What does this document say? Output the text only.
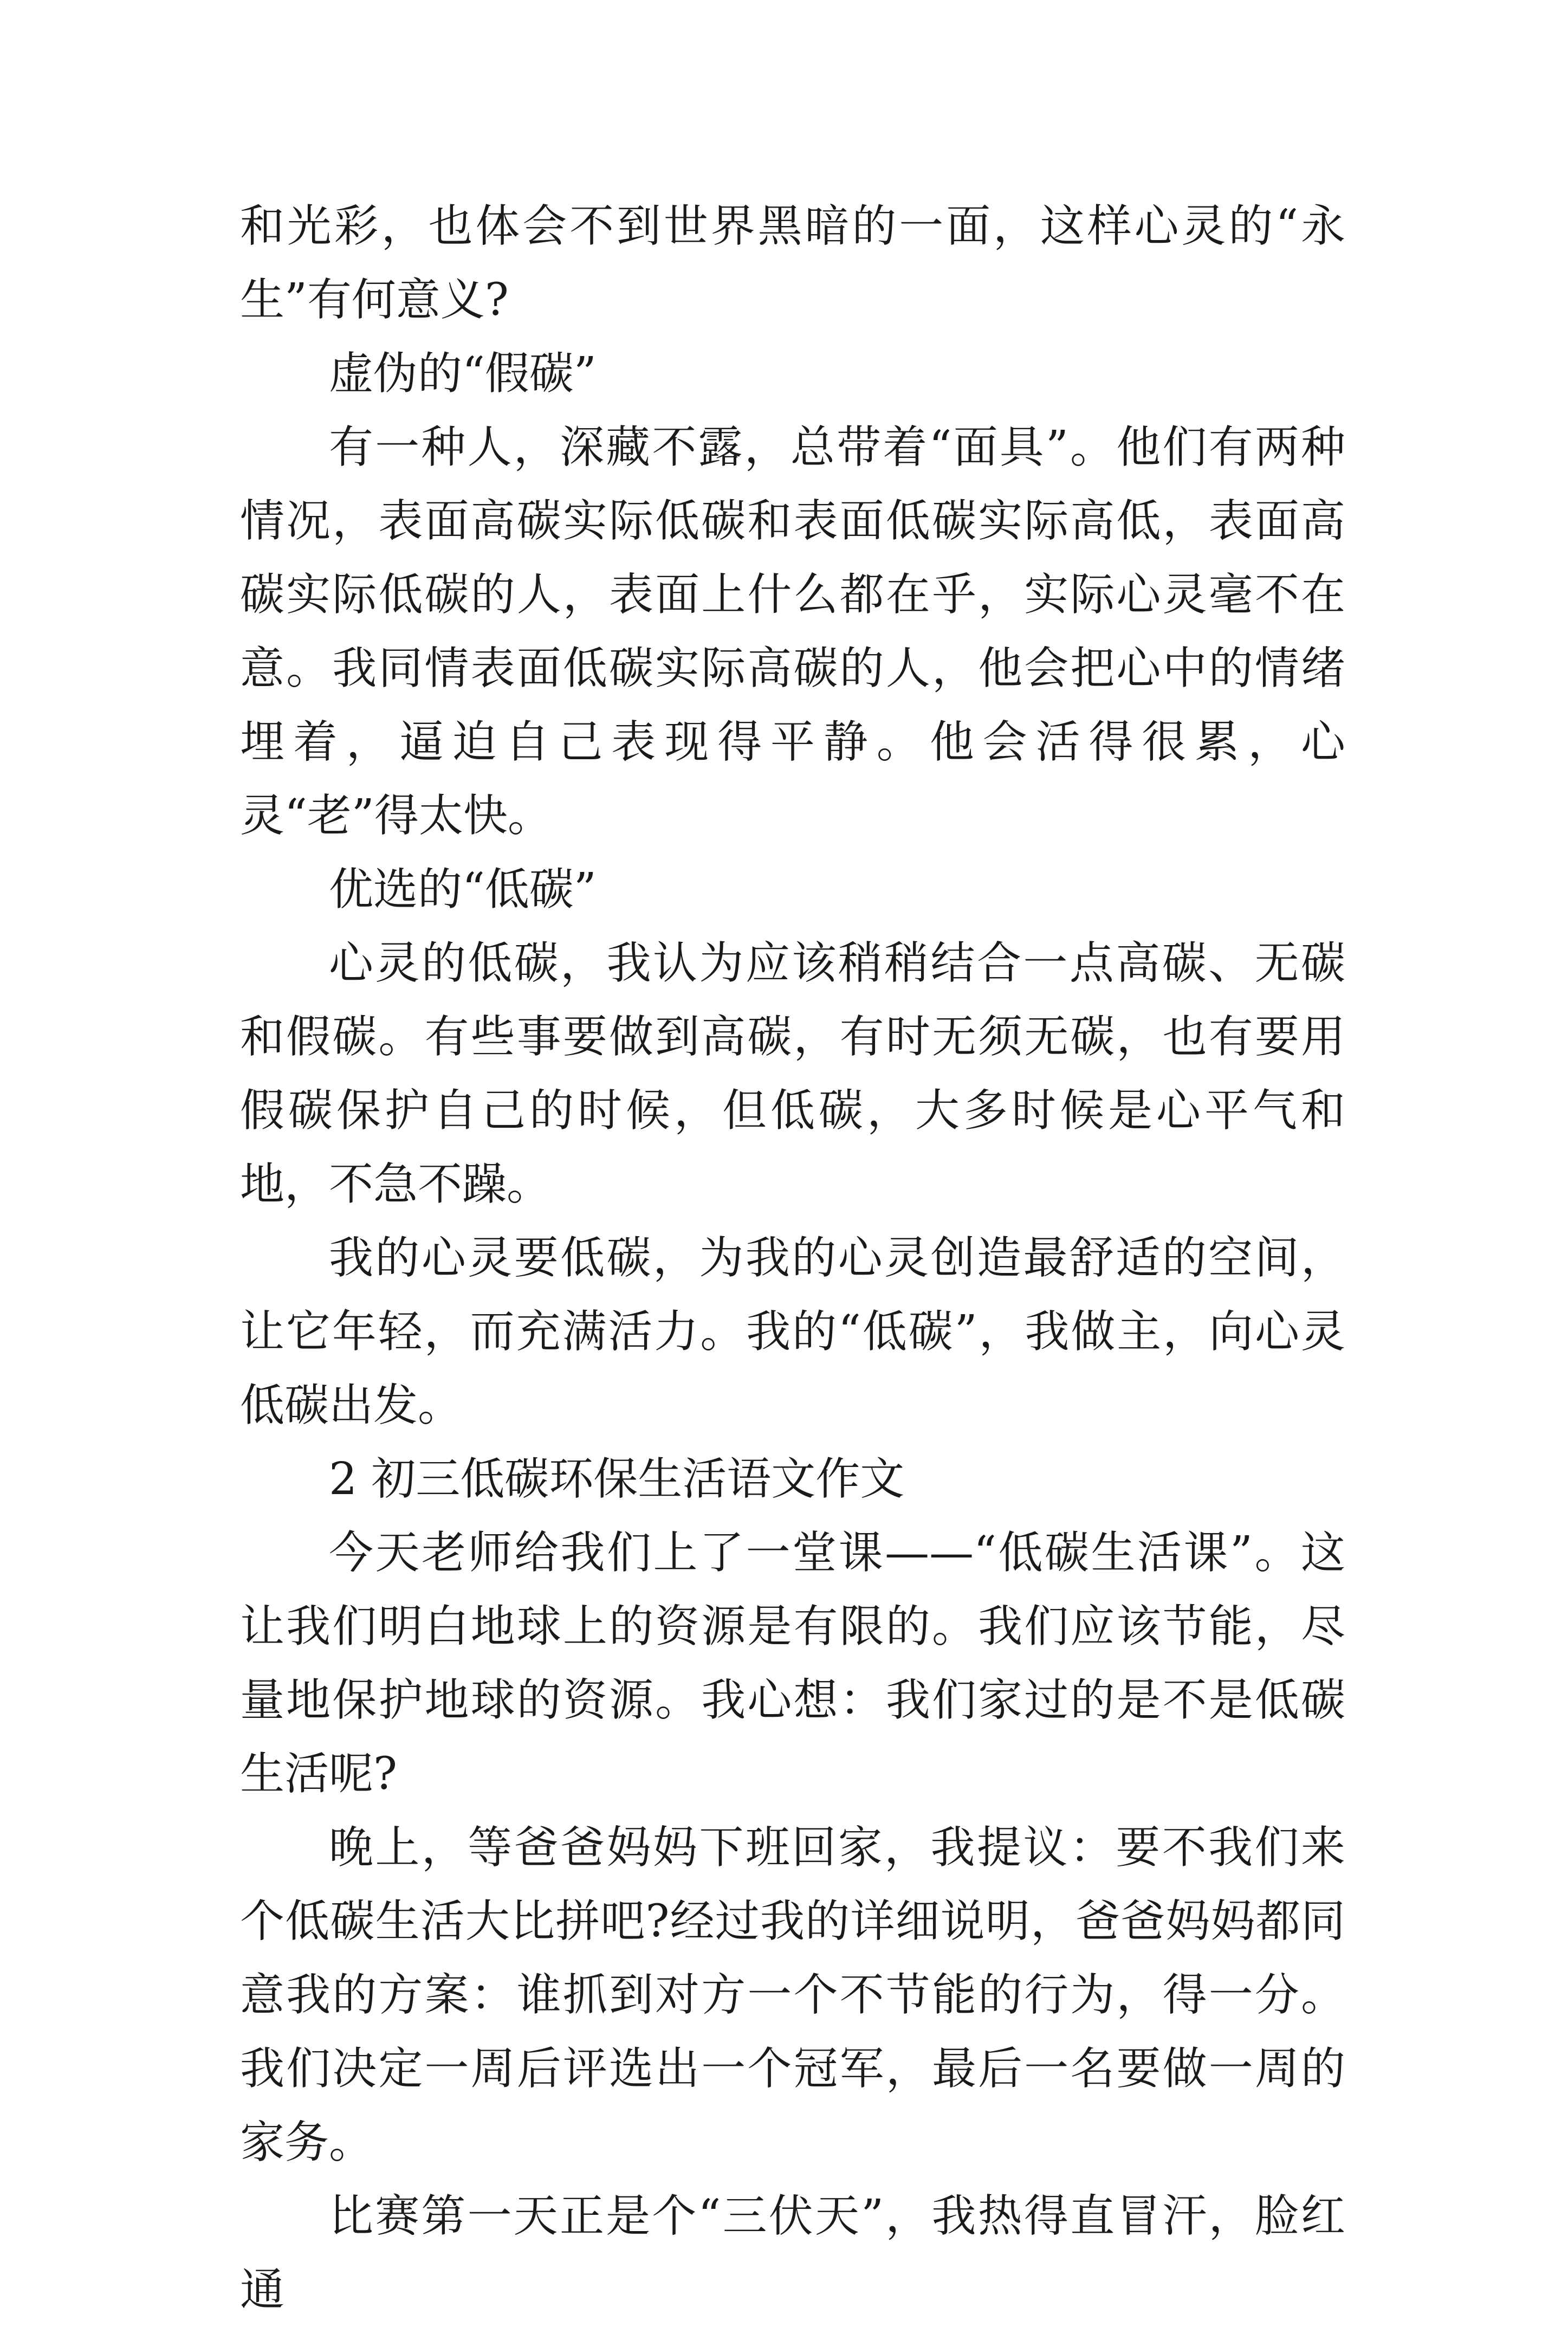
和光彩，也体会不到世界黑暗的一面，这样心灵的“永生”有何意义?

虚伪的“假碳”

有一种人，深藏不露，总带着“面具”。他们有两种情况，表面高碳实际低碳和表面低碳实际高低，表面高碳实际低碳的人，表面上什么都在乎，实际心灵毫不在意。我同情表面低碳实际高碳的人，他会把心中的情绪埋着，逼迫自己表现得平静。他会活得很累，心灵“老”得太快。

优选的“低碳”

心灵的低碳，我认为应该稍稍结合一点高碳、无碳和假碳。有些事要做到高碳，有时无须无碳，也有要用假碳保护自己的时候，但低碳，大多时候是心平气和地，不急不躁。

我的心灵要低碳，为我的心灵创造最舒适的空间，让它年轻，而充满活力。我的“低碳”，我做主，向心灵低碳出发。

2 初三低碳环保生活语文作文

今天老师给我们上了一堂课——“低碳生活课”。这让我们明白地球上的资源是有限的。我们应该节能，尽量地保护地球的资源。我心想：我们家过的是不是低碳生活呢?

晚上，等爸爸妈妈下班回家，我提议：要不我们来个低碳生活大比拼吧?经过我的详细说明，爸爸妈妈都同意我的方案：谁抓到对方一个不节能的行为，得一分。我们决定一周后评选出一个冠军，最后一名要做一周的家务。

比赛第一天正是个“三伏天”，我热得直冒汗，脸红通
